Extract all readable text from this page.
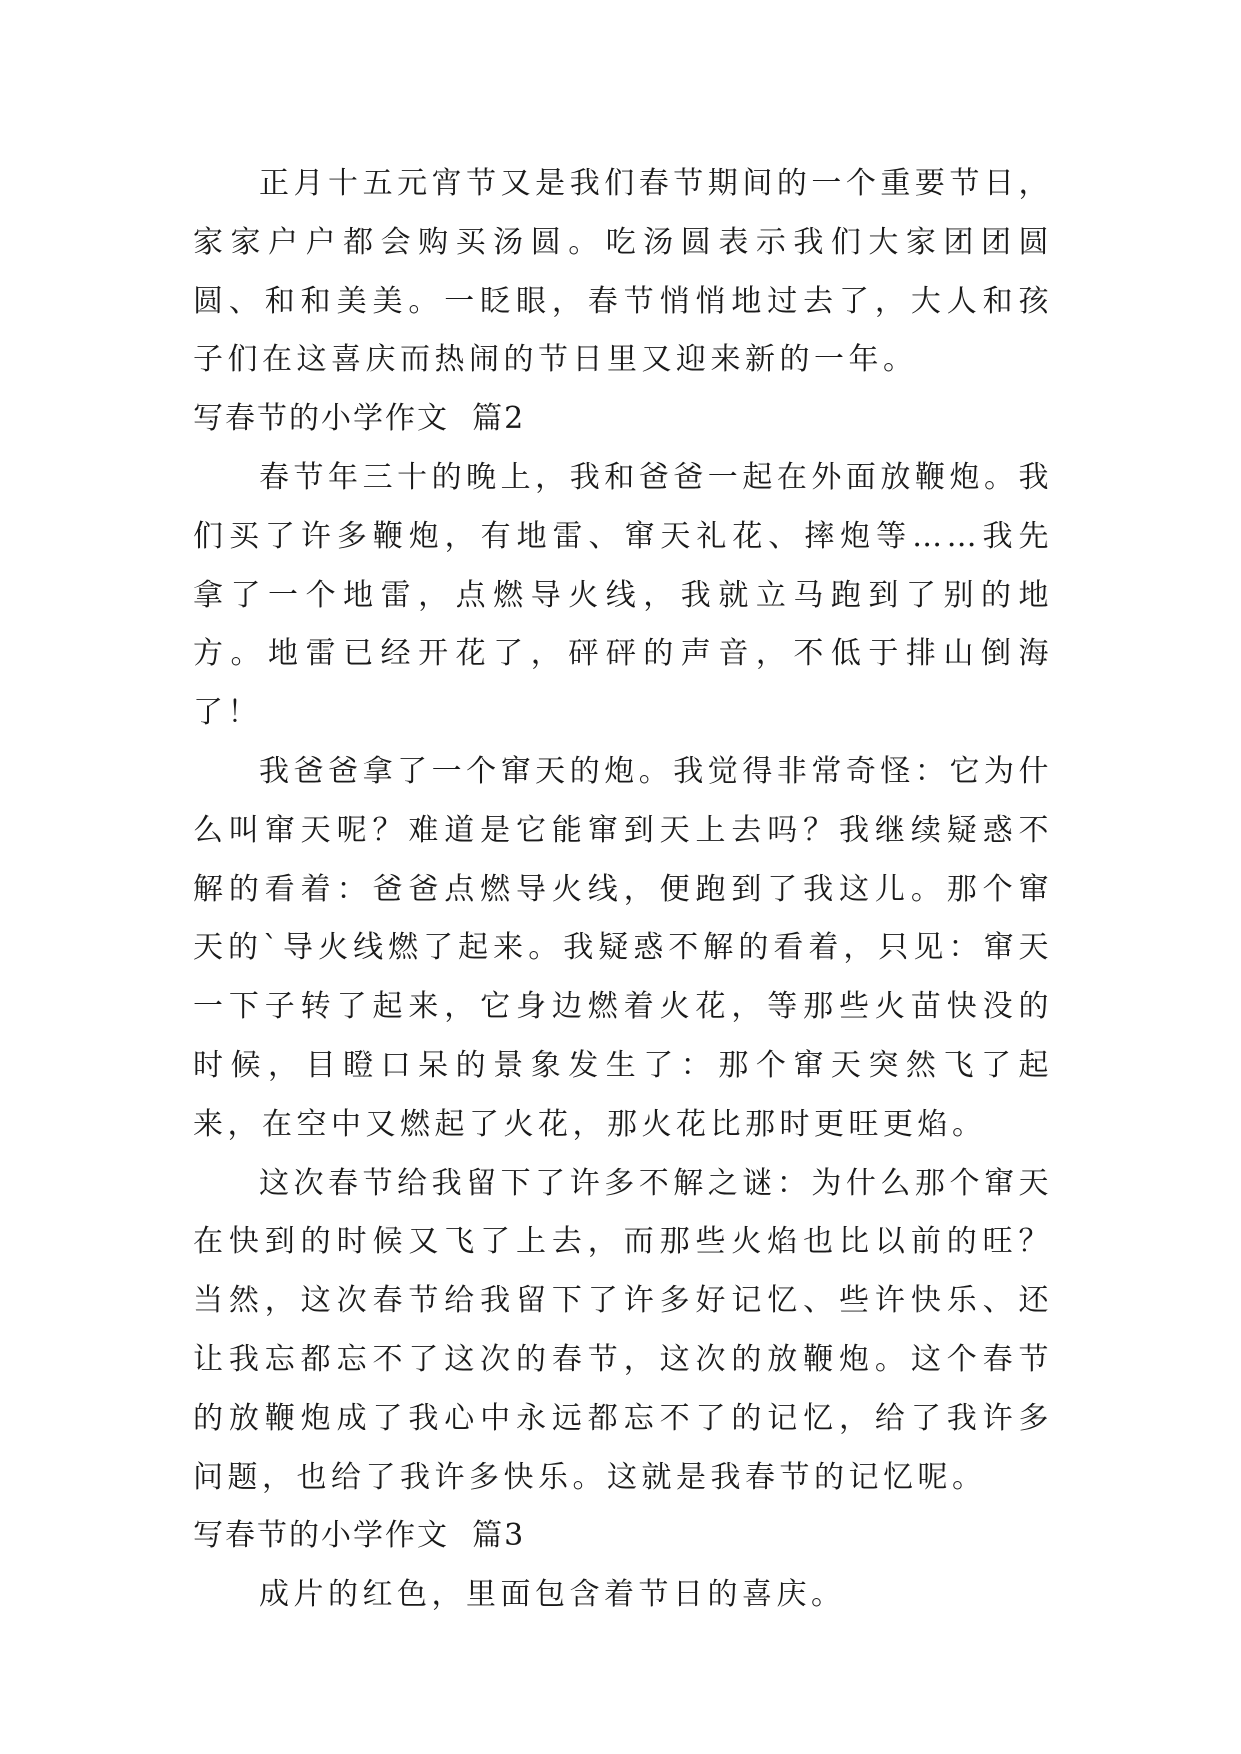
正月十五元宵节又是我们春节期间的一个重要节日，家家户户都会购买汤圆。吃汤圆表示我们大家团团圆圆、和和美美。一眨眼，春节悄悄地过去了，大人和孩子们在这喜庆而热闹的节日里又迎来新的一年。

写春节的小学作文  篇2

春节年三十的晚上，我和爸爸一起在外面放鞭炮。我们买了许多鞭炮，有地雷、窜天礼花、摔炮等……我先拿了一个地雷，点燃导火线，我就立马跑到了别的地方。地雷已经开花了，砰砰的声音，不低于排山倒海了！

我爸爸拿了一个窜天的炮。我觉得非常奇怪：它为什么叫窜天呢？难道是它能窜到天上去吗？我继续疑惑不解的看着：爸爸点燃导火线，便跑到了我这儿。那个窜天的`导火线燃了起来。我疑惑不解的看着，只见：窜天一下子转了起来，它身边燃着火花，等那些火苗快没的时候，目瞪口呆的景象发生了：那个窜天突然飞了起来，在空中又燃起了火花，那火花比那时更旺更焰。

这次春节给我留下了许多不解之谜：为什么那个窜天在快到的时候又飞了上去，而那些火焰也比以前的旺？当然，这次春节给我留下了许多好记忆、些许快乐、还让我忘都忘不了这次的春节，这次的放鞭炮。这个春节的放鞭炮成了我心中永远都忘不了的记忆，给了我许多问题，也给了我许多快乐。这就是我春节的记忆呢。

写春节的小学作文  篇3

成片的红色，里面包含着节日的喜庆。
